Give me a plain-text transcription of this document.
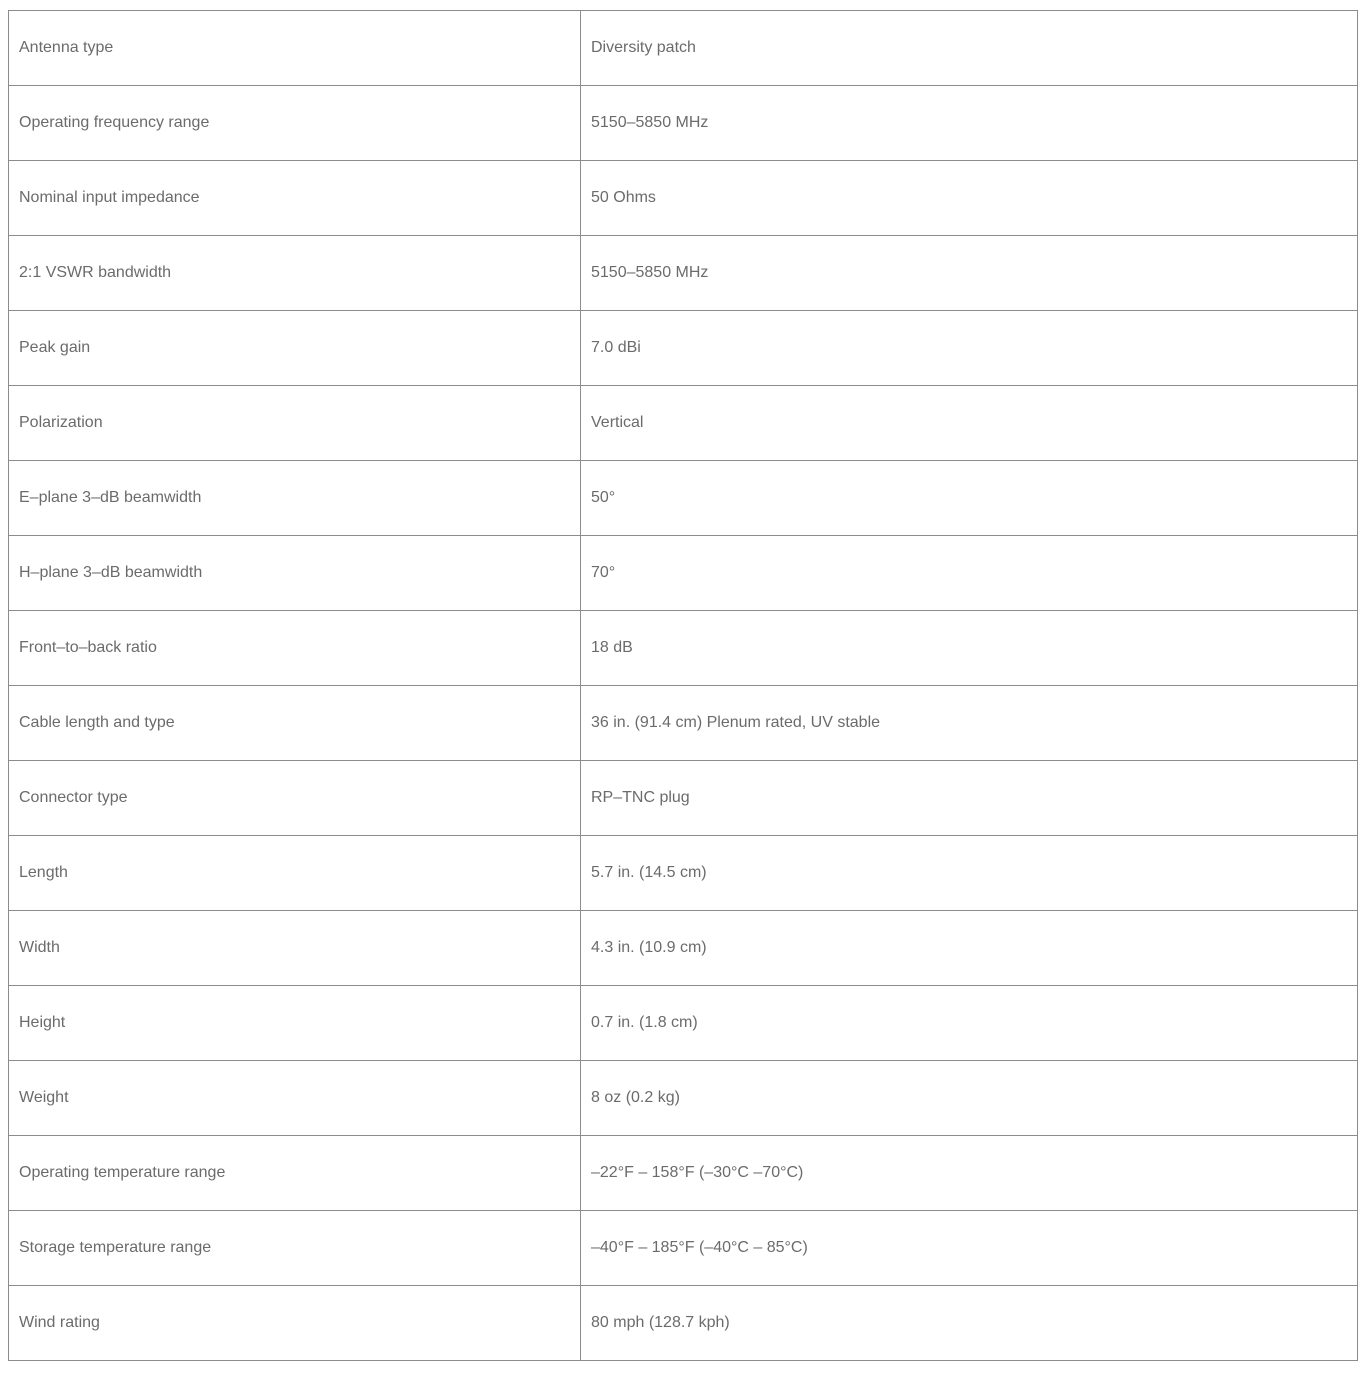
Antenna type	Diversity patch
Operating frequency range	5150–5850 MHz
Nominal input impedance	50 Ohms
2:1 VSWR bandwidth	5150–5850 MHz
Peak gain	7.0 dBi
Polarization	Vertical
E–plane 3–dB beamwidth	50°
H–plane 3–dB beamwidth	70°
Front–to–back ratio	18 dB
Cable length and type	36 in. (91.4 cm) Plenum rated, UV stable
Connector type	RP–TNC plug
Length	5.7 in. (14.5 cm)
Width	4.3 in. (10.9 cm)
Height	0.7 in. (1.8 cm)
Weight	8 oz (0.2 kg)
Operating temperature range	–22°F – 158°F (–30°C –70°C)
Storage temperature range	–40°F – 185°F (–40°C – 85°C)
Wind rating	80 mph (128.7 kph)
